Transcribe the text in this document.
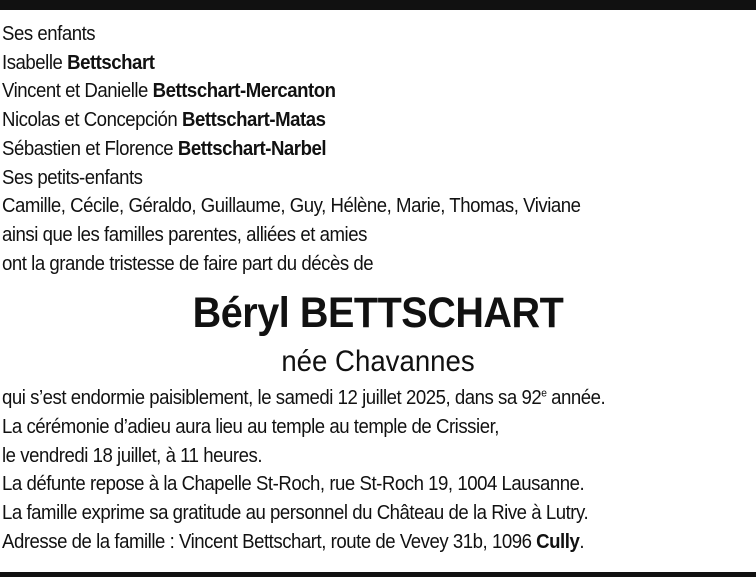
Ses enfants
Isabelle Bettschart
Vincent et Danielle Bettschart-Mercanton
Nicolas et Concepción Bettschart-Matas
Sébastien et Florence Bettschart-Narbel
Ses petits-enfants
Camille, Cécile, Géraldo, Guillaume, Guy, Hélène, Marie, Thomas, Viviane
ainsi que les familles parentes, alliées et amies
ont la grande tristesse de faire part du décès de
Béryl BETTSCHART
née Chavannes
qui s’est endormie paisiblement, le samedi 12 juillet 2025, dans sa 92e année.
La cérémonie d’adieu aura lieu au temple au temple de Crissier,
le vendredi 18 juillet, à 11 heures.
La défunte repose à la Chapelle St-Roch, rue St-Roch 19, 1004 Lausanne.
La famille exprime sa gratitude au personnel du Château de la Rive à Lutry.
Adresse de la famille : Vincent Bettschart, route de Vevey 31b, 1096 Cully.
